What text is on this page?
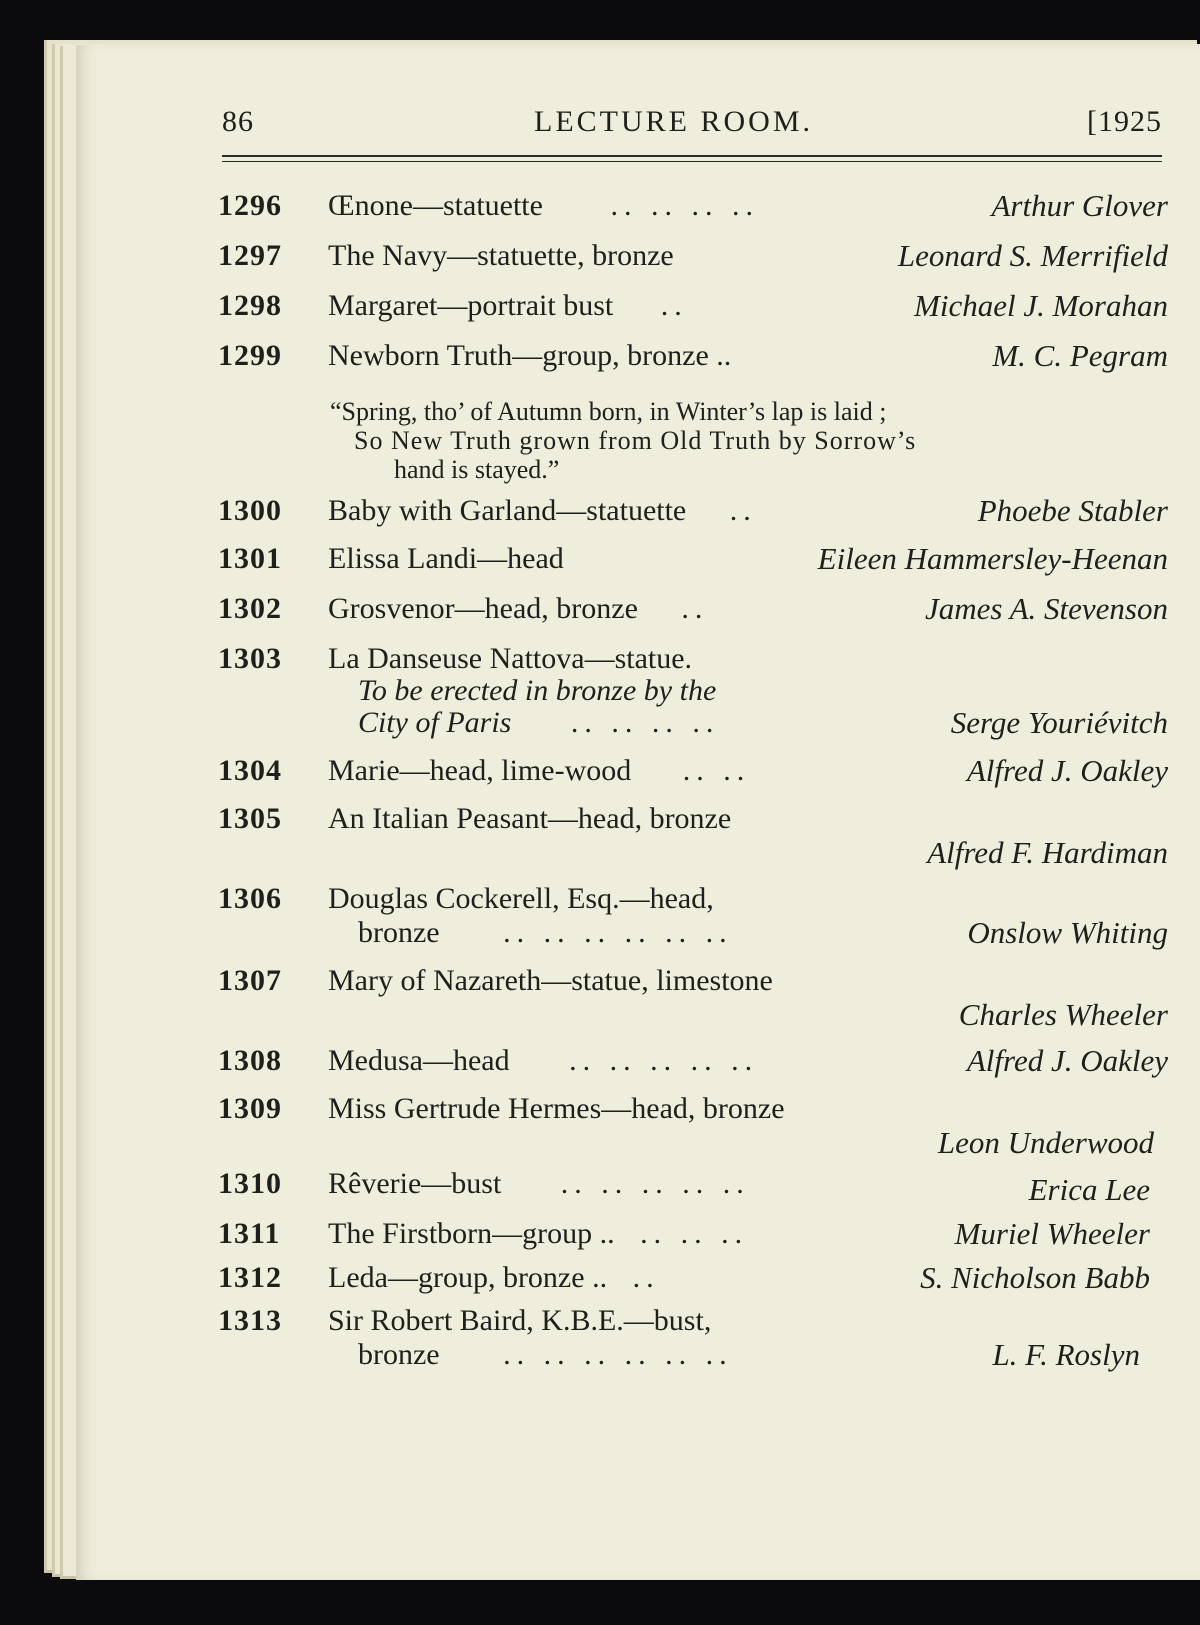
86	LECTURE ROOM.	[1925
1296 Œnone—statuette .. .. .. ..	Arthur Glover
1297 The Navy—statuette, bronze	Leonard S. Merrifield
1298 Margaret—portrait bust ..	Michael J. Morahan
1299 Newborn Truth—group, bronze ..	M. C. Pegram
“Spring, tho’ of Autumn born, in Winter’s lap is laid ;
So New Truth grown from Old Truth by Sorrow’s
hand is stayed.”
1300 Baby with Garland—statuette ..	Phoebe Stabler
1301 Elissa Landi—head	Eileen Hammersley-Heenan
1302 Grosvenor—head, bronze ..	James A. Stevenson
1303 La Danseuse Nattova—statue.
To be erected in bronze by the
City of Paris .. .. .. ..	Serge Youriévitch
1304 Marie—head, lime-wood .. ..	Alfred J. Oakley
1305 An Italian Peasant—head, bronze
Alfred F. Hardiman
1306 Douglas Cockerell, Esq.—head,
bronze .. .. .. .. .. ..	Onslow Whiting
1307 Mary of Nazareth—statue, limestone
Charles Wheeler
1308 Medusa—head .. .. .. .. ..	Alfred J. Oakley
1309 Miss Gertrude Hermes—head, bronze
Leon Underwood
1310 Rêverie—bust .. .. .. .. ..	Erica Lee
1311 The Firstborn—group .. .. .. ..	Muriel Wheeler
1312 Leda—group, bronze .. ..	S. Nicholson Babb
1313 Sir Robert Baird, K.B.E.—bust,
bronze .. .. .. .. .. ..	L. F. Roslyn
